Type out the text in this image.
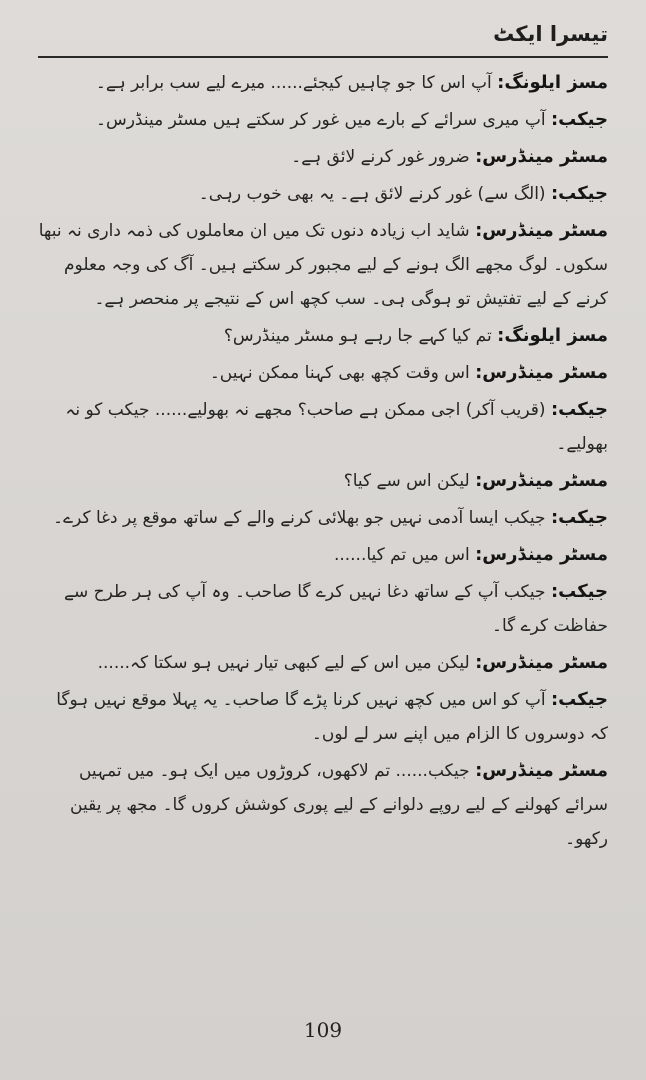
تیسرا ایکٹ

مسز ایلونگ: آپ اس کا جو چاہیں کیجئے...... میرے لیے سب برابر ہے۔

جیکب: آپ میری سرائے کے بارے میں غور کر سکتے ہیں مسٹر مینڈرس۔

مسٹر مینڈرس: ضرور غور کرنے لائق ہے۔

جیکب: (الگ سے) غور کرنے لائق ہے۔ یہ بھی خوب رہی۔

مسٹر مینڈرس: شاید اب زیادہ دنوں تک میں ان معاملوں کی ذمہ داری نہ نبھا سکوں۔ لوگ مجھے الگ ہونے کے لیے مجبور کر سکتے ہیں۔ آگ کی وجہ معلوم کرنے کے لیے تفتیش تو ہوگی ہی۔ سب کچھ اس کے نتیجے پر منحصر ہے۔

مسز ایلونگ: تم کیا کہے جا رہے ہو مسٹر مینڈرس؟

مسٹر مینڈرس: اس وقت کچھ بھی کہنا ممکن نہیں۔

جیکب: (قریب آکر) اجی ممکن ہے صاحب؟ مجھے نہ بھولیے...... جیکب کو نہ بھولیے۔

مسٹر مینڈرس: لیکن اس سے کیا؟

جیکب: جیکب ایسا آدمی نہیں جو بھلائی کرنے والے کے ساتھ موقع پر دغا کرے۔

مسٹر مینڈرس: اس میں تم کیا......

جیکب: جیکب آپ کے ساتھ دغا نہیں کرے گا صاحب۔ وہ آپ کی ہر طرح سے حفاظت کرے گا۔

مسٹر مینڈرس: لیکن میں اس کے لیے کبھی تیار نہیں ہو سکتا کہ......

جیکب: آپ کو اس میں کچھ نہیں کرنا پڑے گا صاحب۔ یہ پہلا موقع نہیں ہوگا کہ دوسروں کا الزام میں اپنے سر لے لوں۔

مسٹر مینڈرس: جیکب...... تم لاکھوں، کروڑوں میں ایک ہو۔ میں تمہیں سرائے کھولنے کے لیے روپے دلوانے کے لیے پوری کوشش کروں گا۔ مجھ پر یقین رکھو۔

109
